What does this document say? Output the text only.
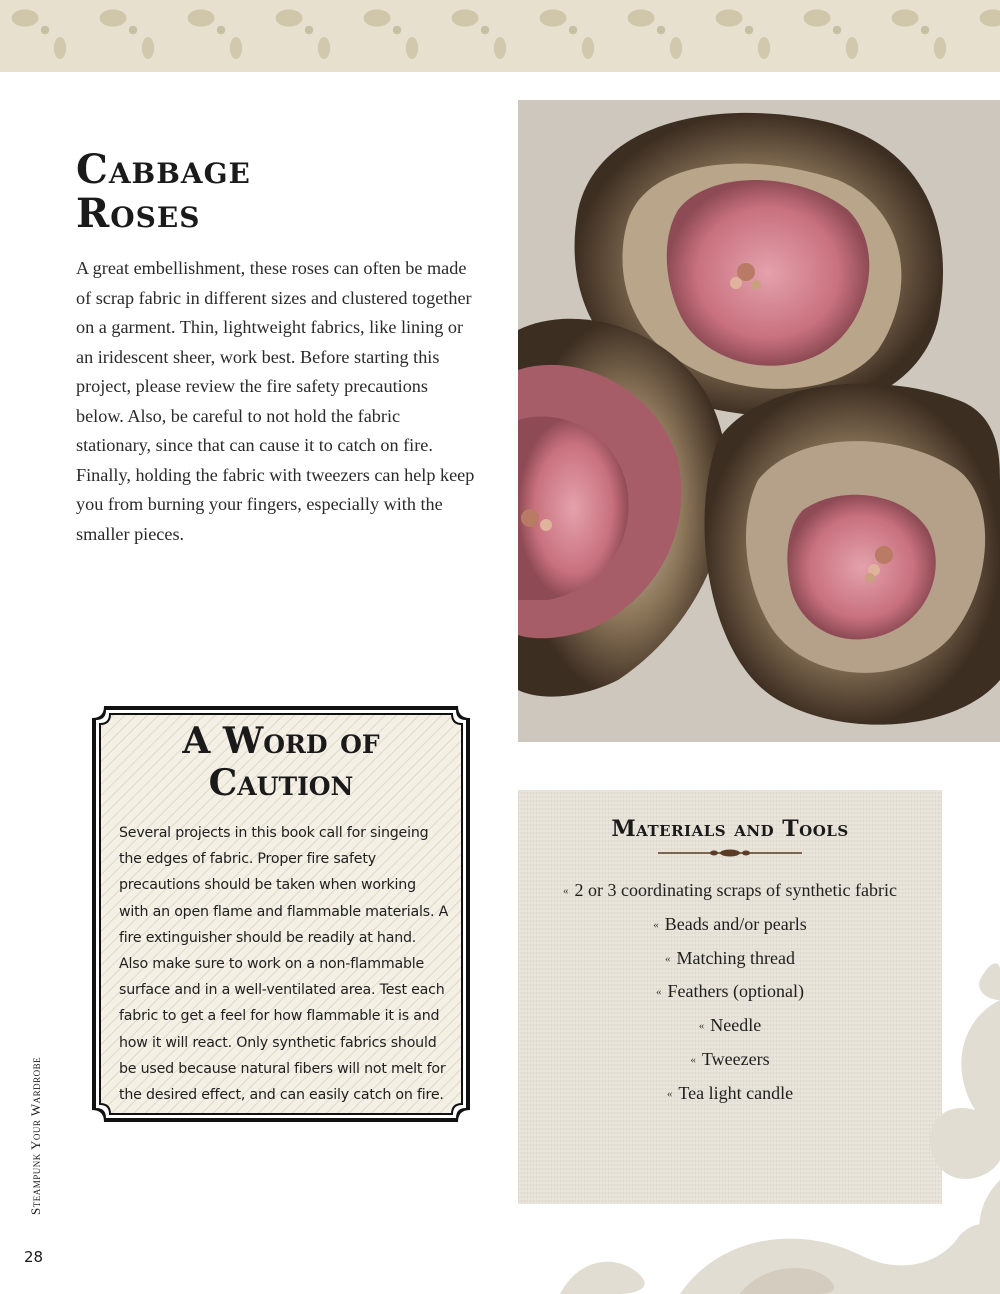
Cabbage
Roses

A great embellishment, these roses can often be made of scrap fabric in different sizes and clustered together on a garment. Thin, lightweight fabrics, like lining or an iridescent sheer, work best. Before starting this project, please review the fire safety precautions below. Also, be careful to not hold the fabric stationary, since that can cause it to catch on fire. Finally, holding the fabric with tweezers can help keep you from burning your fingers, especially with the smaller pieces.

A Word of
Caution

Several projects in this book call for singeing the edges of fabric. Proper fire safety precautions should be taken when working with an open flame and flammable materials. A fire extinguisher should be readily at hand. Also make sure to work on a non-flammable surface and in a well-ventilated area. Test each fabric to get a feel for how flammable it is and how it will react. Only synthetic fabrics should be used because natural fibers will not melt for the desired effect, and can easily catch on fire.

Materials and Tools
« 2 or 3 coordinating scraps of synthetic fabric
« Beads and/or pearls
« Matching thread
« Feathers (optional)
« Needle
« Tweezers
« Tea light candle
Steampunk Your Wardrobe
28
